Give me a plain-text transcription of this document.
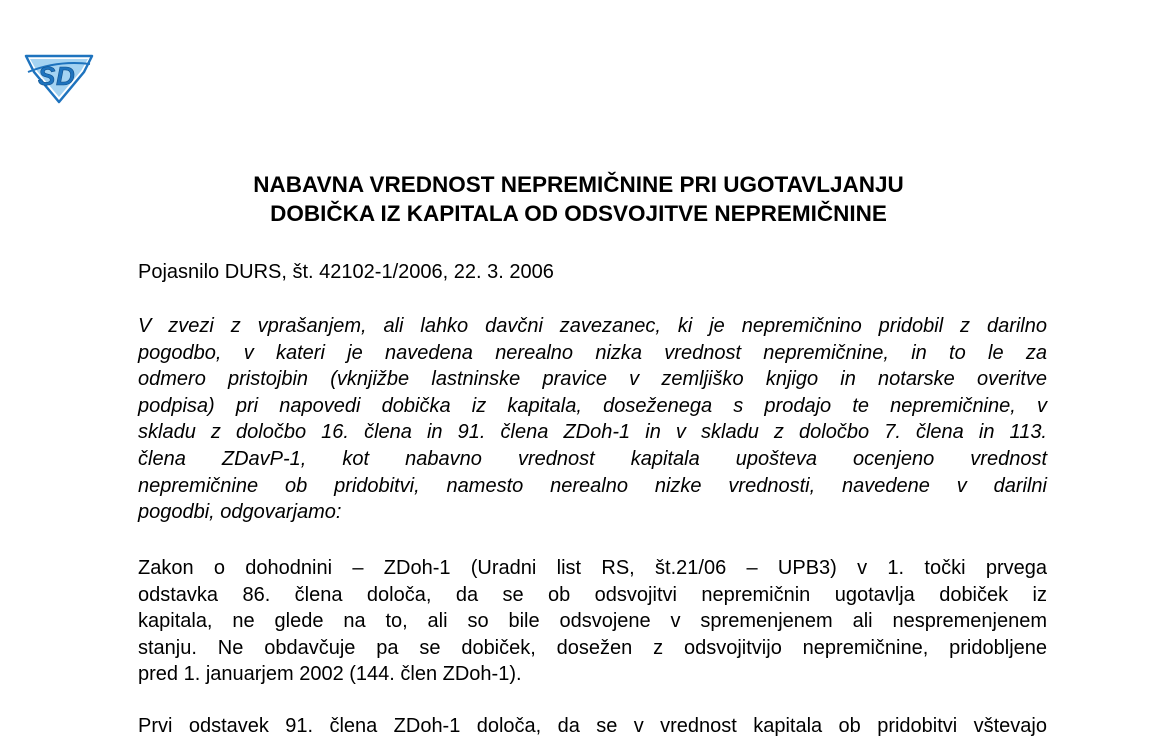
S D
NABAVNA VREDNOST NEPREMIČNINE PRI UGOTAVLJANJU
DOBIČKA IZ KAPITALA OD ODSVOJITVE NEPREMIČNINE
Pojasnilo DURS, št. 42102-1/2006, 22. 3. 2006
V zvezi z vprašanjem, ali lahko davčni zavezanec, ki je nepremičnino pridobil z darilno
pogodbo, v kateri je navedena nerealno nizka vrednost nepremičnine, in to le za
odmero pristojbin (vknjižbe lastninske pravice v zemljiško knjigo in notarske overitve
podpisa) pri napovedi dobička iz kapitala, doseženega s prodajo te nepremičnine, v
skladu z določbo 16. člena in 91. člena ZDoh-1 in v skladu z določbo 7. člena in 113.
člena ZDavP-1, kot nabavno vrednost kapitala upošteva ocenjeno vrednost
nepremičnine ob pridobitvi, namesto nerealno nizke vrednosti, navedene v darilni
pogodbi, odgovarjamo:
Zakon o dohodnini – ZDoh-1 (Uradni list RS, št.21/06 – UPB3) v 1. točki prvega
odstavka 86. člena določa, da se ob odsvojitvi nepremičnin ugotavlja dobiček iz
kapitala, ne glede na to, ali so bile odsvojene v spremenjenem ali nespremenjenem
stanju. Ne obdavčuje pa se dobiček, dosežen z odsvojitvijo nepremičnine, pridobljene
pred 1. januarjem 2002 (144. člen ZDoh-1).
Prvi odstavek 91. člena ZDoh-1 določa, da se v vrednost kapitala ob pridobitvi vštevajo
